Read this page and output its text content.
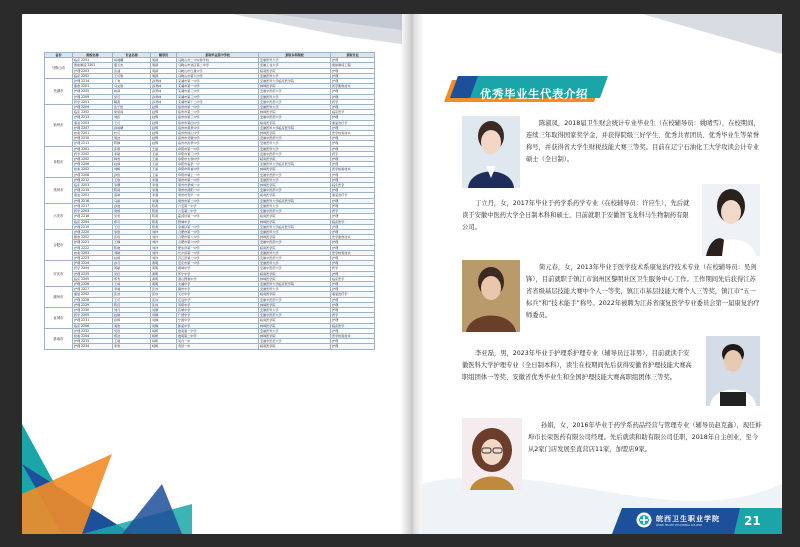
省份	院校名称	专业名称	辅导员	录取毕业高中学校	录取本科院校	录取专业
马鞍山市	临床 2201	杨晨曦	周颖	马鞍山市二中实验学校	安徽医科大学	护理
	智能制造 2201	夏玉杰	周颖	马鞍山市北区第二中学	安徽工业大学	智能制造工程
	护理 2203	张涵	周颖	马鞍山市红星中学	皖南医学院	护理
	临床 2202	王可欣	周颖	马鞍山市第八中学	安徽医科大学	护理
芜湖市	护理 2214	丁欢	孙贤林	芜湖市第一中学	安徽医科大学临床医学院	护理
	影像 2201	马文欣	孙贤林	芜湖市第一中学	蚌埠医学院	医学影像技术
	护理 2205	姚润	孙贤林	芜湖市第三中学	安徽中医药大学	护理
	护理 2209	吴可	孙贤林	芜湖市第三中学	安徽医科大学	护理
	药学 2201	陶燕	孙贤林	芜湖市第十二中学	安徽中医药大学	药学
宿州市	护理 2204	张子怡	赵辉	宿州市第一中学	安徽医科大学	护理
	临床 2202	梁思雨	赵辉	宿州市第二中学	蚌埠医学院	临床医学
	护理 2213	刘佳	赵辉	宿州市第三中学	安徽中医药大学	护理
	康复 2203	王月	赵辉	宿州市第四中学	皖南医学院	康复治疗学
	护理 2207	孙雨晴	赵辉	宿州市萧县中学	安徽医科大学临床医学院	护理
	检验 2201	杜可	赵辉	宿州市砀山中学	蚌埠医学院	医学检验技术
	护理 2210	周洁	赵辉	宿州市灵璧中学	安徽中医药大学	护理
	护理 2211	陈静	赵辉	宿州市泗县中学	安徽医科大学	护理
阜阳市	护理 2201	张婷	王丽	阜阳市第一中学	安徽医科大学	护理
	药学 2202	李敏	王丽	阜阳市第三中学	安徽中医药大学	药学
	护理 2202	韩雪	王丽	阜阳市太和中学	皖南医学院	护理
	护理 2206	赵倩	王丽	阜阳市临泉一中	安徽医科大学临床医学院	护理
	检验 2202	刘畅	王丽	阜阳市界首中学	蚌埠医学院	医学检验技术
	护理 2208	孙悦	王丽	阜阳市颍上一中	安徽中医药大学	护理
亳州市	护理 2212	王欣	李强	亳州市第一中学	安徽医科大学	护理
	临床 2203	李娜	李强	亳州市蒙城一中	蚌埠医学院	临床医学
	护理 2215	陈雨	李强	亳州市涡阳一中	安徽中医药大学	护理
	康复 2201	高敏	李强	亳州市利辛一中	皖南医学院	康复治疗学
	护理 2216	马丽	李强	亳州市第二中学	安徽医科大学临床医学院	护理
六安市	护理 2217	孙晨	陈燕	六安第一中学	安徽医科大学	护理
	药学 2203	周婷	陈燕	六安第二中学	安徽中医药大学	药学
	护理 2218	吴雪	陈燕	霍邱县第一中学	皖南医学院	护理
	临床 2204	郑可	陈燕	舒城中学	蚌埠医学院	临床医学
	护理 2219	王佳	陈燕	金寨县第一中学	安徽医科大学临床医学院	护理
合肥市	护理 2220	李欣	刘洋	合肥市第一中学	安徽医科大学	护理
	影像 2202	张悦	刘洋	合肥市第八中学	蚌埠医学院	医学影像技术
	护理 2221	王静	刘洋	合肥市第六中学	安徽中医药大学	护理
	护理 2222	陈晓	刘洋	肥东县第一中学	皖南医学院	护理
	检验 2203	刘敏	刘洋	长丰县第一中学	安徽医科大学	医学检验技术
	护理 2223	赵婷	刘洋	庐江县第二中学	安徽中医药大学	护理
安庆市	护理 2224	孙月	黄明	安庆市第一中学	安徽医科大学	护理
	药学 2204	周敏	黄明	桐城中学	安徽中医药大学	药学
	护理 2225	吴佳	黄明	怀宁中学	皖南医学院	护理
	临床 2205	郑雪	黄明	潜山野寨中学	蚌埠医学院	临床医学
	护理 2226	王雨	黄明	太湖中学	安徽医科大学临床医学院	护理
滁州市	护理 2227	李晨	张伟	滁州中学	安徽医科大学	护理
	康复 2202	张洁	张伟	天长中学	皖南医学院	康复治疗学
	护理 2228	王可	张伟	定远中学	安徽中医药大学	护理
	护理 2229	陈佳	张伟	凤阳中学	蚌埠医学院	护理
宣城市	护理 2230	刘月	何静	宣城中学	安徽医科大学	护理
	药学 2205	赵敏	何静	广德中学	安徽中医药大学	药学
	护理 2231	孙婷	何静	宁国中学	皖南医学院	护理
	临床 2206	周欣	何静	郎溪中学	蚌埠医学院	临床医学
淮南市	护理 2232	吴悦	杨帆	淮南第一中学	安徽医科大学	护理
	检验 2204	郑洁	杨帆	淮南第二中学	蚌埠医学院	医学检验技术
	护理 2233	王晨	杨帆	凤台一中	安徽中医药大学	护理
	护理 2234	李雪	杨帆	寿县一中	皖南医学院	护理
优秀毕业生代表介绍
陈淑凤，2018届卫生财会统计专业毕业生（在校辅导员：姚晴雪），在校期间，连续三年取得国家奖学金，并获得院级三好学生、优秀共青团员、优秀毕业生等荣誉称号，并获得省大学生财税技能大赛三等奖。目前在辽宁石油化工大学攻读会计专业硕士（全日制）。
丁立丹，女，2017年毕业于药学系药学专业（在校辅导员：许应生），先后就读于安徽中医药大学全日制本科和硕士，目前就职于安徽智飞龙科马生物制药有限公司。
简元春，女，2013年毕业于医学技术系康复治疗技术专业（在校辅导员：吴剑锋），目前就职于镇江市润州区黎明社区卫生服务中心工作。工作期间先后获得江苏省省级基层技能大赛中个人一等奖，镇江市基层技能大赛个人三等奖，镇江市“五一标兵”和“技术能手”称号。2022年被聘为江苏省康复医学专业委员会第一届康复治疗师委员。
李亚磊，男，2023年毕业于护理系护理专业（辅导员汪菲男），目前就读于安徽医科大学护理专业（全日制本科），读生在校期间先后获得安徽省护理技能大赛高职组团体一等奖、安徽省优秀毕业生和全国护理技能大赛高职组团体三等奖。
孙娟，女，2016年毕业于药学系药品经营与管理专业（辅导员赵克鑫），现任蚌埠市长荣医药有限公司经理。先后就读和助有限公司任职，2018年自主创业，至今从2家门店发展至直营店11家，加盟店9家。
皖西卫生职业学院
WANXI HEALTH VOCATIONAL COLLEGE	21
